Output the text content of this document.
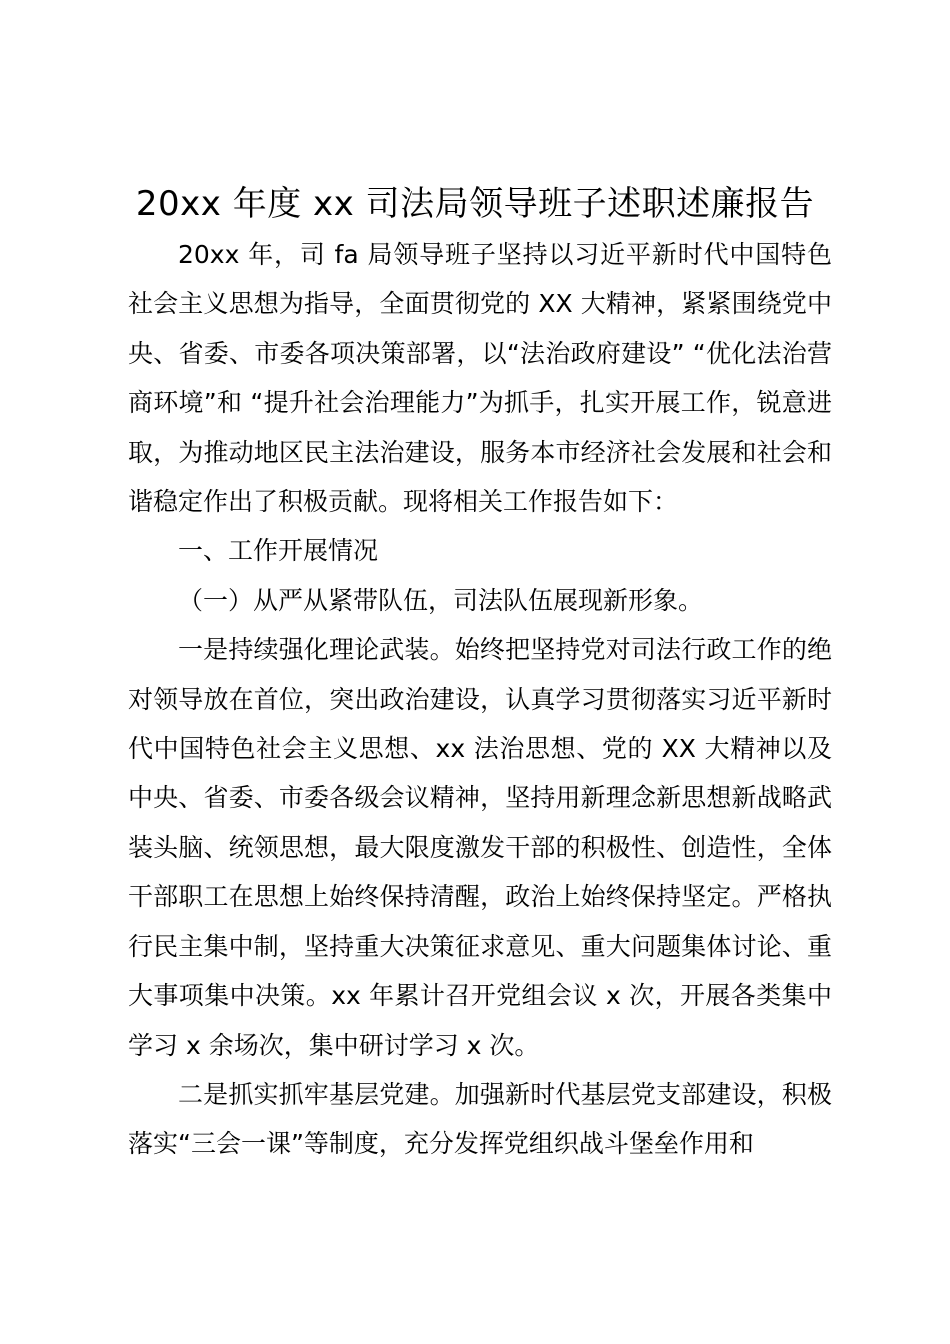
20xx 年度 xx 司法局领导班子述职述廉报告

20xx 年，司 fa 局领导班子坚持以习近平新时代中国特色社会主义思想为指导，全面贯彻党的 XX 大精神，紧紧围绕党中央、省委、市委各项决策部署，以“法治政府建设” “优化法治营商环境”和 “提升社会治理能力”为抓手，扎实开展工作，锐意进取，为推动地区民主法治建设，服务本市经济社会发展和社会和谐稳定作出了积极贡献。现将相关工作报告如下：

一、工作开展情况

（一）从严从紧带队伍，司法队伍展现新形象。

一是持续强化理论武装。始终把坚持党对司法行政工作的绝对领导放在首位，突出政治建设，认真学习贯彻落实习近平新时代中国特色社会主义思想、xx 法治思想、党的 XX 大精神以及中央、省委、市委各级会议精神，坚持用新理念新思想新战略武装头脑、统领思想，最大限度激发干部的积极性、创造性，全体干部职工在思想上始终保持清醒，政治上始终保持坚定。严格执行民主集中制，坚持重大决策征求意见、重大问题集体讨论、重大事项集中决策。xx 年累计召开党组会议 x 次，开展各类集中学习 x 余场次，集中研讨学习 x 次。

二是抓实抓牢基层党建。加强新时代基层党支部建设，积极落实“三会一课”等制度，充分发挥党组织战斗堡垒作用和
